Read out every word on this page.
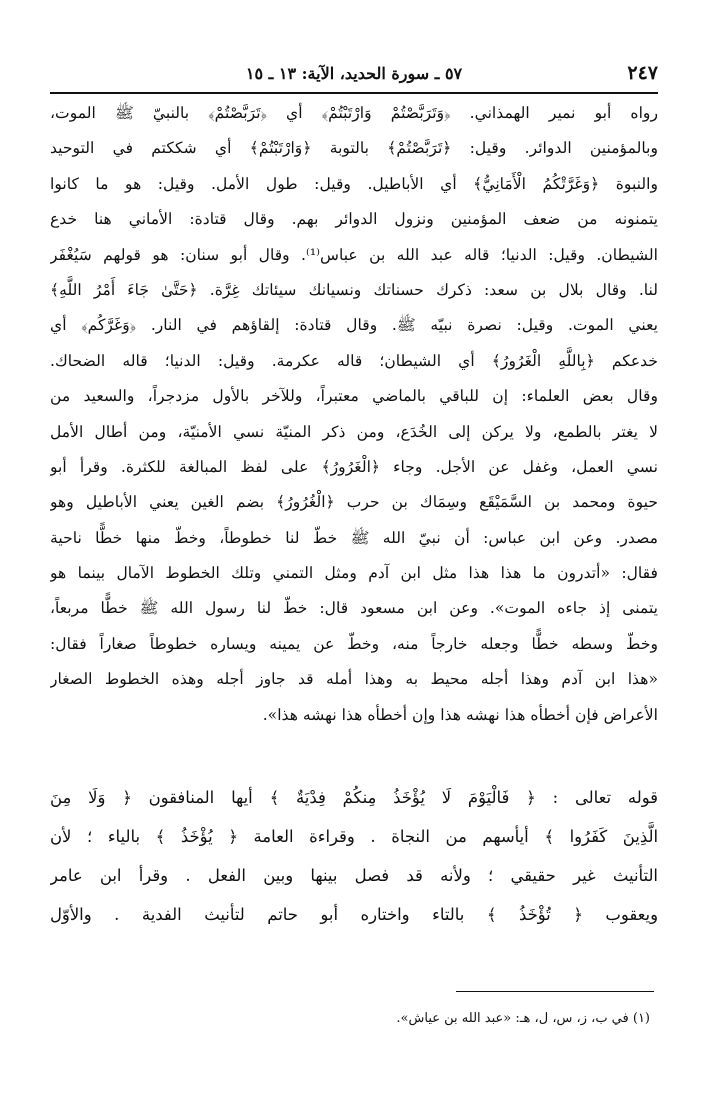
٢٤٧
٥٧ ـ سورة الحديد، الآية: ١٣ ـ ١٥
رواه أبو نمير الهمذاني. ﴿وَتَرَبَّصْتُمْ وَارْتَبْتُمْ﴾ أي ﴿تَرَبَّصْتُمْ﴾ بالنبيّ ﷺ الموت،
وبالمؤمنين الدوائر. وقيل: ﴿تَرَبَّصْتُمْ﴾ بالتوبة ﴿وَارْتَبْتُمْ﴾ أي شككتم في التوحيد
والنبوة ﴿وَغَرَّتْكُمُ الْأَمَانِيُّ﴾ أي الأباطيل. وقيل: طول الأمل. وقيل: هو ما كانوا
يتمنونه من ضعف المؤمنين ونزول الدوائر بهم. وقال قتادة: الأماني هنا خدع
الشيطان. وقيل: الدنيا؛ قاله عبد الله بن عباس⁽¹⁾. وقال أبو سنان: هو قولهم سَيُغْفَر
لنا. وقال بلال بن سعد: ذكرك حسناتك ونسيانك سيئاتك غِرَّة. ﴿حَتَّىٰ جَاءَ أَمْرُ اللَّهِ﴾
يعني الموت. وقيل: نصرة نبيّه ﷺ. وقال قتادة: إلقاؤهم في النار. ﴿وَغَرَّكُم﴾ أي
خدعكم ﴿بِاللَّهِ الْغَرُورُ﴾ أي الشيطان؛ قاله عكرمة. وقيل: الدنيا؛ قاله الضحاك.
وقال بعض العلماء: إن للباقي بالماضي معتبراً، وللآخر بالأول مزدجراً، والسعيد من
لا يغتر بالطمع، ولا يركن إلى الخُدَع، ومن ذكر المنيّة نسي الأمنيّة، ومن أطال الأمل
نسي العمل، وغفل عن الأجل. وجاء ﴿الْغَرُورُ﴾ على لفظ المبالغة للكثرة. وقرأ أبو
حيوة ومحمد بن السَّمَيْقَع وسِمَاك بن حرب ﴿الْغُرُورُ﴾ بضم الغين يعني الأباطيل وهو
مصدر. وعن ابن عباس: أن نبيّ الله ﷺ خطّ لنا خطوطاً، وخطّ منها خطًّا ناحية
فقال: «أتدرون ما هذا هذا مثل ابن آدم ومثل التمني وتلك الخطوط الآمال بينما هو
يتمنى إذ جاءه الموت». وعن ابن مسعود قال: خطّ لنا رسول الله ﷺ خطًّا مربعاً،
وخطّ وسطه خطًّا وجعله خارجاً منه، وخطّ عن يمينه ويساره خطوطاً صغاراً فقال:
«هذا ابن آدم وهذا أجله محيط به وهذا أمله قد جاوز أجله وهذه الخطوط الصغار
الأعراض فإن أخطأه هذا نهشه هذا وإن أخطأه هذا نهشه هذا».
قوله تعالى : ﴿ فَالْيَوْمَ لَا يُؤْخَذُ مِنكُمْ فِدْيَةٌ ﴾ أيها المنافقون ﴿ وَلَا مِنَ
الَّذِينَ كَفَرُوا ﴾ أيأسهم من النجاة . وقراءة العامة ﴿ يُؤْخَذُ ﴾ بالياء ؛ لأن
التأنيث غير حقيقي ؛ ولأنه قد فصل بينها وبين الفعل . وقرأ ابن عامر
ويعقوب ﴿ تُؤْخَذُ ﴾ بالتاء واختاره أبو حاتم لتأنيث الفدية . والأوّل
(١) في ب، ز، س، ل، هـ: «عبد الله بن عياش».
